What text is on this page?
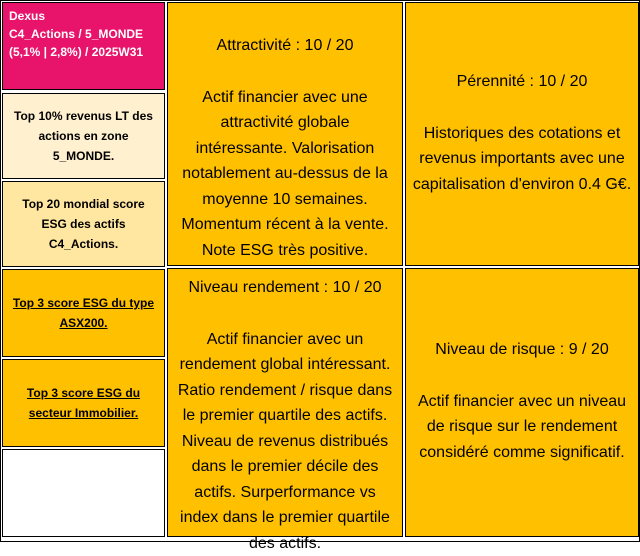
Dexus
C4_Actions / 5_MONDE
(5,1% | 2,8%) / 2025W31
Top 10% revenus LT des actions en zone 5_MONDE.
Top 20 mondial score ESG des actifs C4_Actions.
Top 3 score ESG du type ASX200.
Top 3 score ESG du secteur Immobilier.

Attractivité : 10 / 20

Actif financier avec une attractivité globale intéressante. Valorisation notablement au-dessus de la moyenne 10 semaines. Momentum récent à la vente. Note ESG très positive.

Pérennité : 10 / 20

Historiques des cotations et revenus importants avec une capitalisation d'environ 0.4 G€.

Niveau rendement : 10 / 20

Actif financier avec un rendement global intéressant. Ratio rendement / risque dans le premier quartile des actifs. Niveau de revenus distribués dans le premier décile des actifs. Surperformance vs index dans le premier quartile des actifs.

Niveau de risque : 9 / 20

Actif financier avec un niveau de risque sur le rendement considéré comme significatif.
